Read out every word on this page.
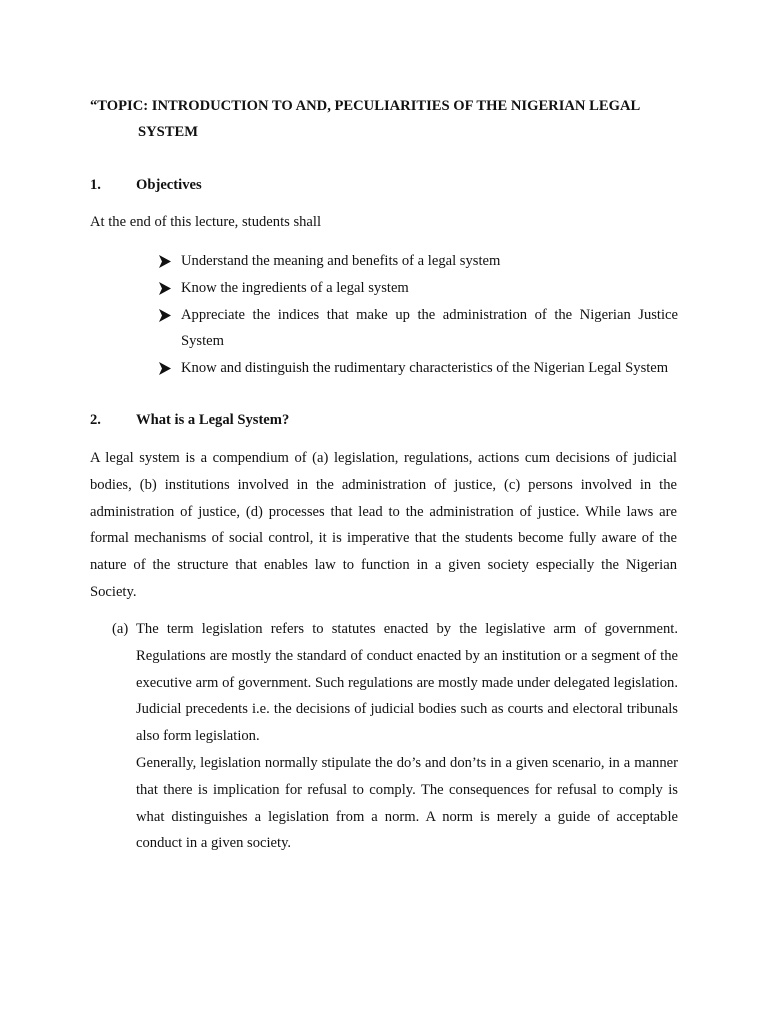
“TOPIC: INTRODUCTION TO AND, PECULIARITIES OF THE NIGERIAN LEGAL
SYSTEM
1. Objectives

At the end of this lecture, students shall

Understand the meaning and benefits of a legal system
Know the ingredients of a legal system
Appreciate the indices that make up the administration of the Nigerian Justice System
Know and distinguish the rudimentary characteristics of the Nigerian Legal System
2. What is a Legal System?

A legal system is a compendium of (a) legislation, regulations, actions cum decisions of judicial bodies, (b) institutions involved in the administration of justice, (c) persons involved in the administration of justice, (d) processes that lead to the administration of justice. While laws are formal mechanisms of social control, it is imperative that the students become fully aware of the nature of the structure that enables law to function in a given society especially the Nigerian Society.

(a) The term legislation refers to statutes enacted by the legislative arm of government. Regulations are mostly the standard of conduct enacted by an institution or a segment of the executive arm of government. Such regulations are mostly made under delegated legislation. Judicial precedents i.e. the decisions of judicial bodies such as courts and electoral tribunals also form legislation.

Generally, legislation normally stipulate the do’s and don’ts in a given scenario, in a manner that there is implication for refusal to comply. The consequences for refusal to comply is what distinguishes a legislation from a norm. A norm is merely a guide of acceptable conduct in a given society.
